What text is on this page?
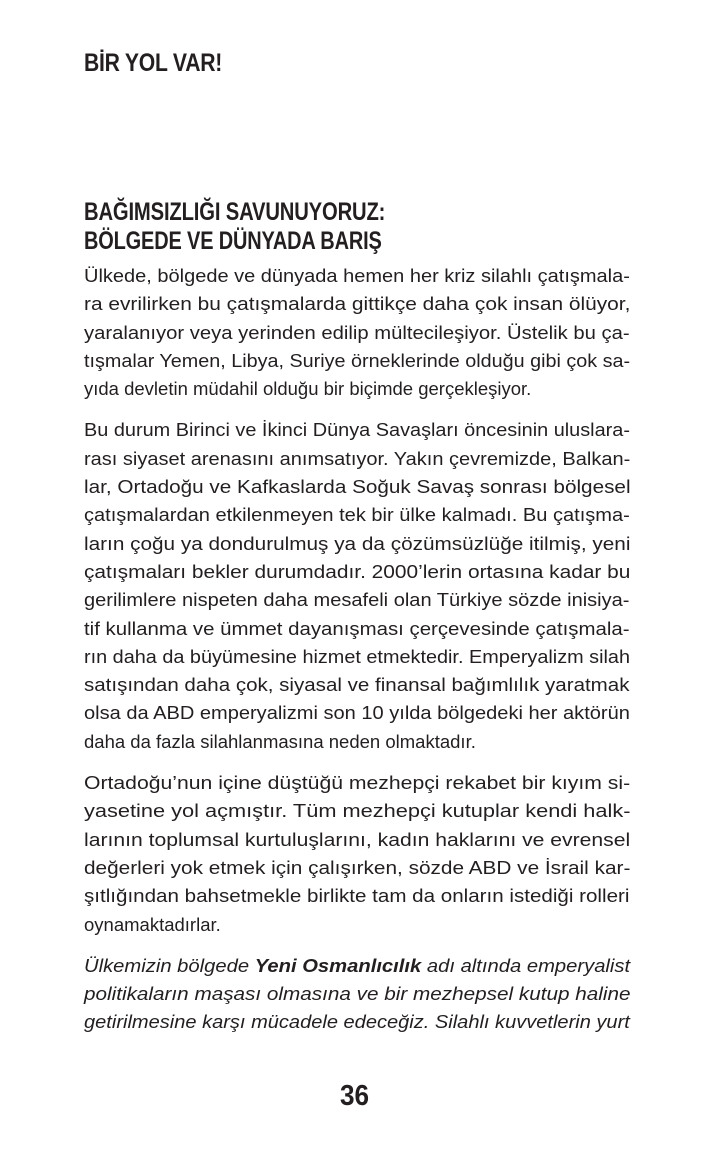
BİR YOL VAR!
BAĞIMSIZLIĞI SAVUNUYORUZ:
BÖLGEDE VE DÜNYADA BARIŞ
Ülkede, bölgede ve dünyada hemen her kriz silahlı çatışmala-
ra evrilirken bu çatışmalarda gittikçe daha çok insan ölüyor,
yaralanıyor veya yerinden edilip mültecileşiyor. Üstelik bu ça-
tışmalar Yemen, Libya, Suriye örneklerinde olduğu gibi çok sa-
yıda devletin müdahil olduğu bir biçimde gerçekleşiyor.
Bu durum Birinci ve İkinci Dünya Savaşları öncesinin uluslara-
rası siyaset arenasını anımsatıyor. Yakın çevremizde, Balkan-
lar, Ortadoğu ve Kafkaslarda Soğuk Savaş sonrası bölgesel
çatışmalardan etkilenmeyen tek bir ülke kalmadı. Bu çatışma-
ların çoğu ya dondurulmuş ya da çözümsüzlüğe itilmiş, yeni
çatışmaları bekler durumdadır. 2000’lerin ortasına kadar bu
gerilimlere nispeten daha mesafeli olan Türkiye sözde inisiya-
tif kullanma ve ümmet dayanışması çerçevesinde çatışmala-
rın daha da büyümesine hizmet etmektedir. Emperyalizm silah
satışından daha çok, siyasal ve finansal bağımlılık yaratmak
olsa da ABD emperyalizmi son 10 yılda bölgedeki her aktörün
daha da fazla silahlanmasına neden olmaktadır.
Ortadoğu’nun içine düştüğü mezhepçi rekabet bir kıyım si-
yasetine yol açmıştır. Tüm mezhepçi kutuplar kendi halk-
larının toplumsal kurtuluşlarını, kadın haklarını ve evrensel
değerleri yok etmek için çalışırken, sözde ABD ve İsrail kar-
şıtlığından bahsetmekle birlikte tam da onların istediği rolleri
oynamaktadırlar.
Ülkemizin bölgede Yeni Osmanlıcılık adı altında emperyalist
politikaların maşası olmasına ve bir mezhepsel kutup haline
getirilmesine karşı mücadele edeceğiz. Silahlı kuvvetlerin yurt
36
